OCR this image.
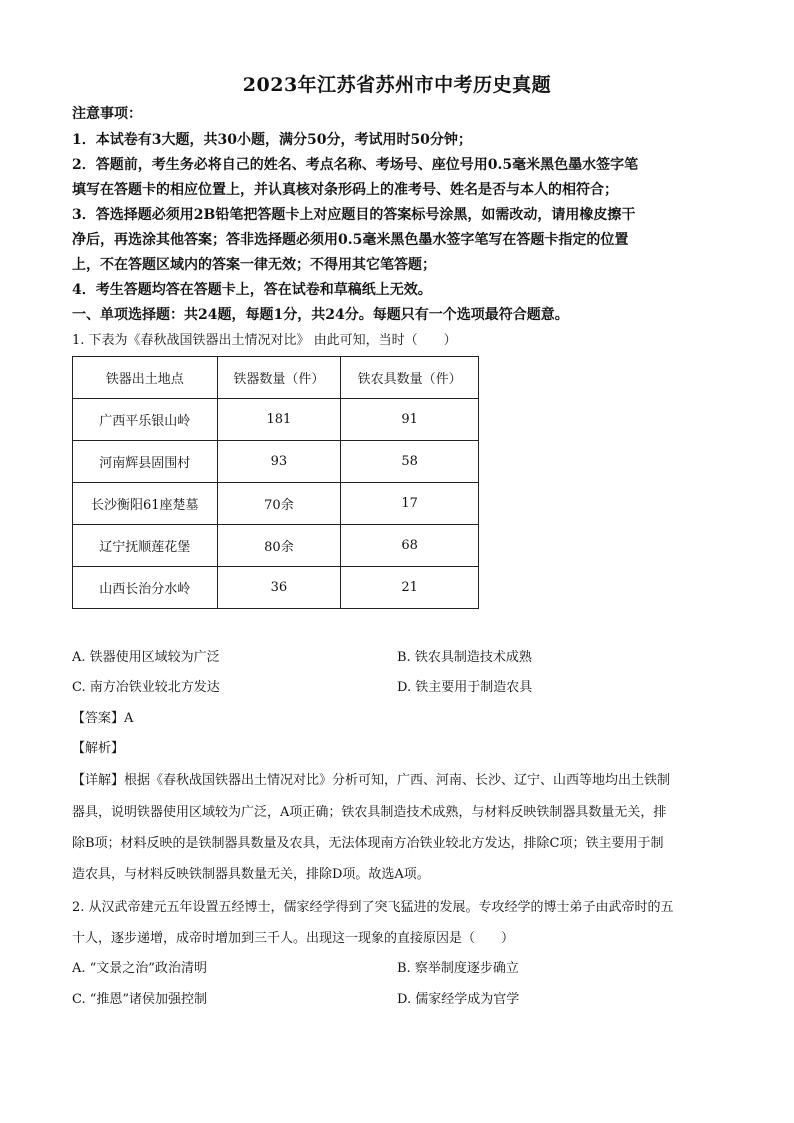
2023年江苏省苏州市中考历史真题
注意事项：
1．本试卷有3大题，共30小题，满分50分，考试用时50分钟；
2．答题前，考生务必将自己的姓名、考点名称、考场号、座位号用0.5毫米黑色墨水签字笔
填写在答题卡的相应位置上，并认真核对条形码上的准考号、姓名是否与本人的相符合；
3．答选择题必须用2B铅笔把答题卡上对应题目的答案标号涂黑，如需改动，请用橡皮擦干
净后，再选涂其他答案；答非选择题必须用0.5毫米黑色墨水签字笔写在答题卡指定的位置
上，不在答题区域内的答案一律无效；不得用其它笔答题；
4．考生答题均答在答题卡上，答在试卷和草稿纸上无效。
一、单项选择题：共24题，每题1分，共24分。每题只有一个选项最符合题意。
1. 下表为《春秋战国铁器出土情况对比》 由此可知，当时（　　）
铁器出土地点	铁器数量（件）	铁农具数量（件）
广西平乐银山岭	181	91
河南辉县固围村	93	58
长沙衡阳61座楚墓	70余	17
辽宁抚顺莲花堡	80余	68
山西长治分水岭	36	21
A. 铁器使用区域较为广泛	B. 铁农具制造技术成熟
C. 南方冶铁业较北方发达	D. 铁主要用于制造农具
【答案】A
【解析】
【详解】根据《春秋战国铁器出土情况对比》分析可知，广西、河南、长沙、辽宁、山西等地均出土铁制
器具，说明铁器使用区域较为广泛，A项正确；铁农具制造技术成熟，与材料反映铁制器具数量无关，排
除B项；材料反映的是铁制器具数量及农具，无法体现南方冶铁业较北方发达，排除C项；铁主要用于制
造农具，与材料反映铁制器具数量无关，排除D项。故选A项。
2. 从汉武帝建元五年设置五经博士，儒家经学得到了突飞猛进的发展。专攻经学的博士弟子由武帝时的五
十人，逐步递增，成帝时增加到三千人。出现这一现象的直接原因是（　　）
A. “文景之治”政治清明	B. 察举制度逐步确立
C. “推恩”诸侯加强控制	D. 儒家经学成为官学
